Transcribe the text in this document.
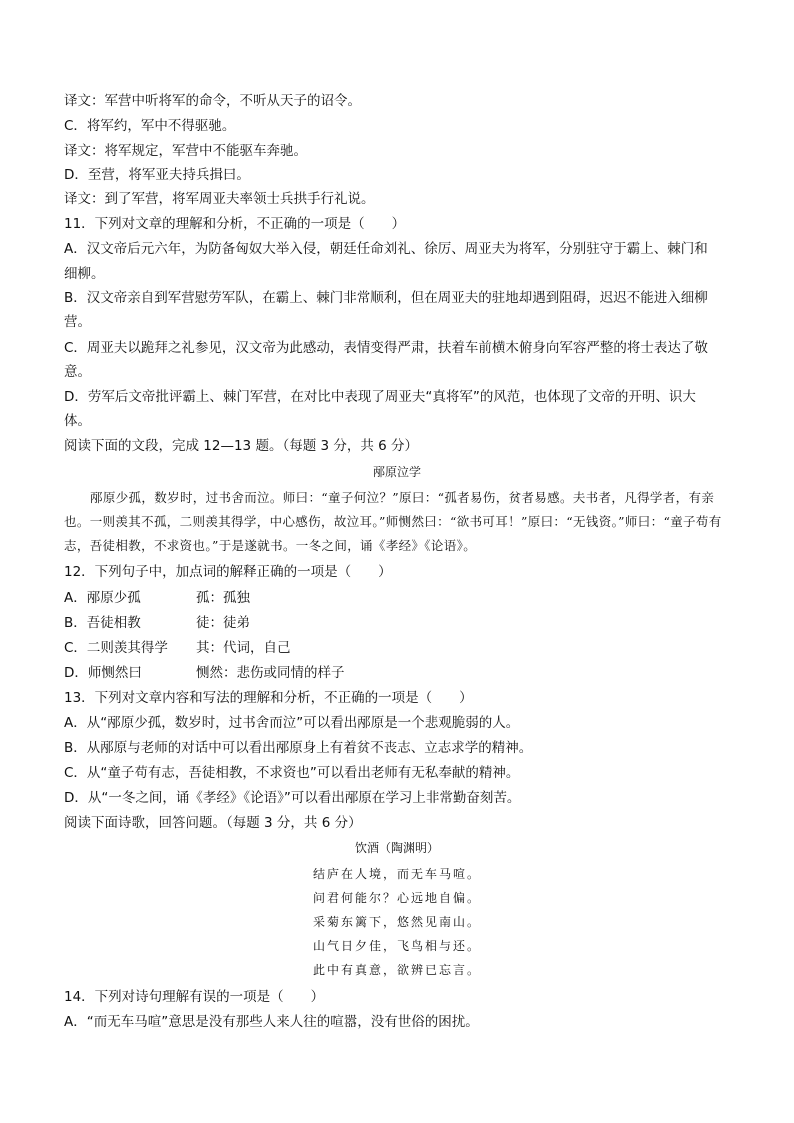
译文：军营中听将军的命令，不听从天子的诏令。
C．将军约，军中不得驱驰。
译文：将军规定，军营中不能驱车奔驰。
D．至营，将军亚夫持兵揖曰。
译文：到了军营，将军周亚夫率领士兵拱手行礼说。
11．下列对文章的理解和分析，不正确的一项是（　　）
A．汉文帝后元六年，为防备匈奴大举入侵，朝廷任命刘礼、徐厉、周亚夫为将军，分别驻守于霸上、棘门和
细柳。
B．汉文帝亲自到军营慰劳军队，在霸上、棘门非常顺利，但在周亚夫的驻地却遇到阻碍，迟迟不能进入细柳
营。
C．周亚夫以跪拜之礼参见，汉文帝为此感动，表情变得严肃，扶着车前横木俯身向军容严整的将士表达了敬
意。
D．劳军后文帝批评霸上、棘门军营，在对比中表现了周亚夫“真将军”的风范，也体现了文帝的开明、识大
体。
阅读下面的文段，完成 12—13 题。（每题 3 分，共 6 分）
邴原泣学
邴原少孤，数岁时，过书舍而泣。师曰：“童子何泣？”原曰：“孤者易伤，贫者易感。夫书者，凡得学者，有亲也。一则羡其不孤，二则羡其得学，中心感伤，故泣耳。”师恻然曰：“欲书可耳！”原曰：“无钱资。”师曰：“童子苟有志，吾徒相教，不求资也。”于是遂就书。一冬之间，诵《孝经》《论语》。
12．下列句子中，加点词的解释正确的一项是（　　）
A．邴原少孤	孤：孤独
B．吾徒相教	徒：徒弟
C．二则羡其得学 其：代词，自己
D．师恻然曰	恻然：悲伤或同情的样子
13．下列对文章内容和写法的理解和分析，不正确的一项是（　　）
A．从“邴原少孤，数岁时，过书舍而泣”可以看出邴原是一个悲观脆弱的人。
B．从邴原与老师的对话中可以看出邴原身上有着贫不丧志、立志求学的精神。
C．从“童子苟有志，吾徒相教，不求资也”可以看出老师有无私奉献的精神。
D．从“一冬之间，诵《孝经》《论语》”可以看出邴原在学习上非常勤奋刻苦。
阅读下面诗歌，回答问题。（每题 3 分，共 6 分）
饮酒（陶渊明）
结庐在人境，而无车马喧。
问君何能尔？心远地自偏。
采菊东篱下，悠然见南山。
山气日夕佳，飞鸟相与还。
此中有真意，欲辨已忘言。
14．下列对诗句理解有误的一项是（　　）
A．“而无车马喧”意思是没有那些人来人往的喧嚣，没有世俗的困扰。
